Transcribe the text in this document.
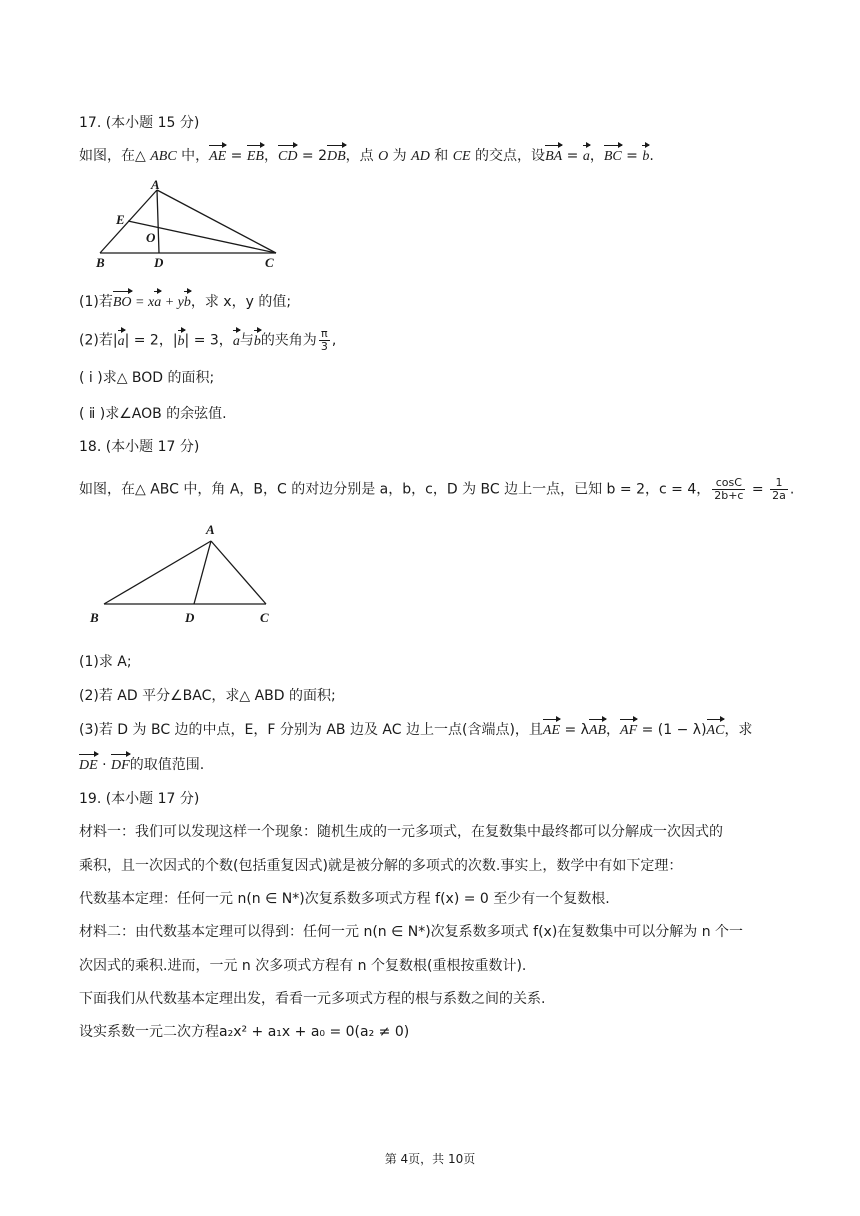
17. (本小题 15 分)
如图，在△ ABC 中，AE = EB，CD = 2DB，点 O 为 AD 和 CE 的交点，设BA = a，BC = b.
A
E
O
B	D	C
(1)若BO = xa + yb，求 x，y 的值;
(2)若|a| = 2，|b| = 3，a与b的夹角为 $\frac{\pi}{3}$ ,
( ⅰ )求△ BOD 的面积;
( ⅱ )求∠AOB 的余弦值.
18. (本小题 17 分)
如图，在△ ABC 中，角 A，B，C 的对边分别是 a，b，c，D 为 BC 边上一点，已知 b = 2，c = 4， $\frac{\cos C}{2b+c} = \frac{1}{2a}$ .
A
B	D	C
(1)求 A;
(2)若 AD 平分∠BAC，求△ ABD 的面积;
(3)若 D 为 BC 边的中点，E，F 分别为 AB 边及 AC 边上一点(含端点)，且AE = λAB，AF = (1 − λ)AC，求
DE · DF的取值范围.
19. (本小题 17 分)
材料一：我们可以发现这样一个现象：随机生成的一元多项式，在复数集中最终都可以分解成一次因式的
乘积，且一次因式的个数(包括重复因式)就是被分解的多项式的次数.事实上，数学中有如下定理：
代数基本定理：任何一元 n(n ∈ N*)次复系数多项式方程 f(x) = 0 至少有一个复数根.
材料二：由代数基本定理可以得到：任何一元 n(n ∈ N*)次复系数多项式 f(x)在复数集中可以分解为 n 个一
次因式的乘积.进而，一元 n 次多项式方程有 n 个复数根(重根按重数计).
下面我们从代数基本定理出发，看看一元多项式方程的根与系数之间的关系.
设实系数一元二次方程a₂x² + a₁x + a₀ = 0(a₂ ≠ 0)
第 4页，共 10页
